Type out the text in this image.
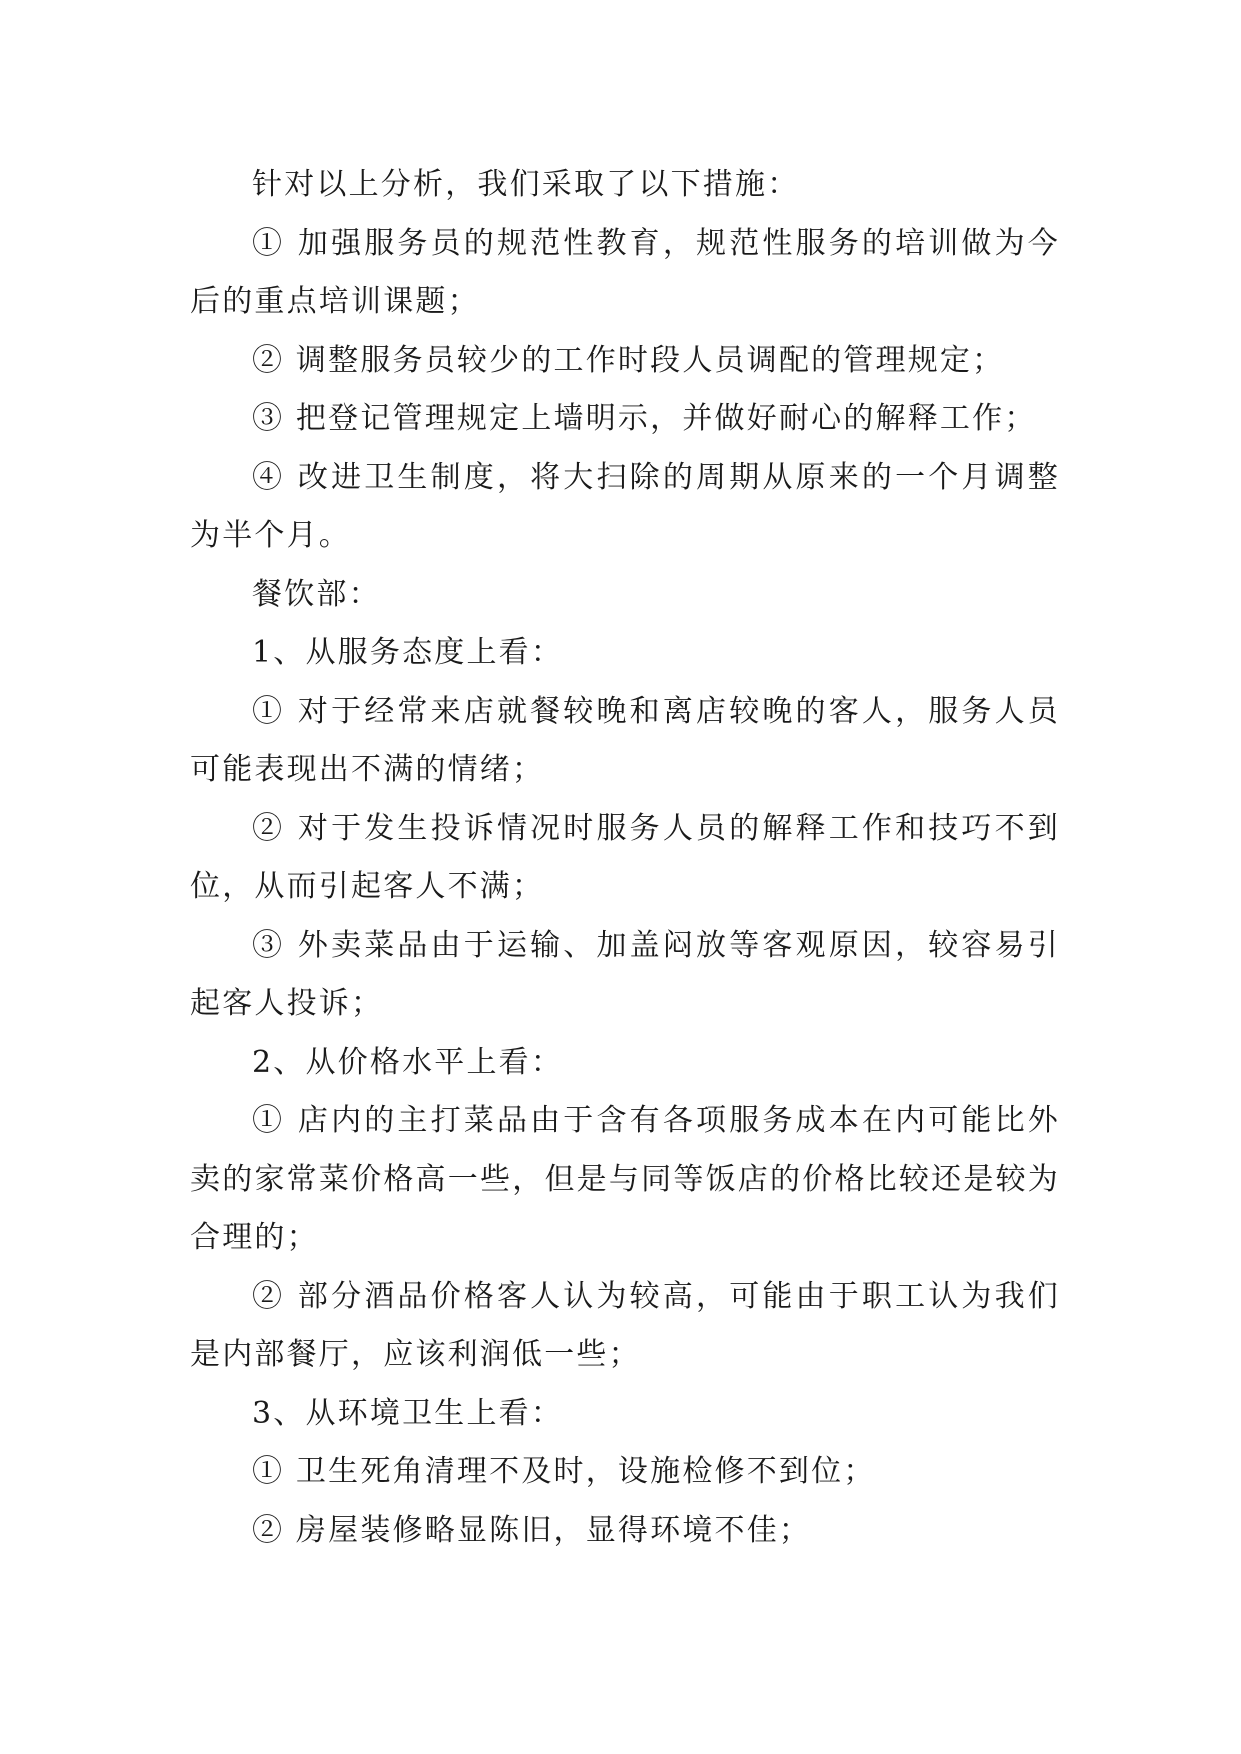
针对以上分析，我们采取了以下措施：

① 加强服务员的规范性教育，规范性服务的培训做为今后的重点培训课题；

② 调整服务员较少的工作时段人员调配的管理规定；

③ 把登记管理规定上墙明示，并做好耐心的解释工作；

④ 改进卫生制度，将大扫除的周期从原来的一个月调整为半个月。

餐饮部：

1、从服务态度上看：

① 对于经常来店就餐较晚和离店较晚的客人，服务人员可能表现出不满的情绪；

② 对于发生投诉情况时服务人员的解释工作和技巧不到位，从而引起客人不满；

③ 外卖菜品由于运输、加盖闷放等客观原因，较容易引起客人投诉；

2、从价格水平上看：

① 店内的主打菜品由于含有各项服务成本在内可能比外卖的家常菜价格高一些，但是与同等饭店的价格比较还是较为合理的；

② 部分酒品价格客人认为较高，可能由于职工认为我们是内部餐厅，应该利润低一些；

3、从环境卫生上看：

① 卫生死角清理不及时，设施检修不到位；

② 房屋装修略显陈旧，显得环境不佳；
